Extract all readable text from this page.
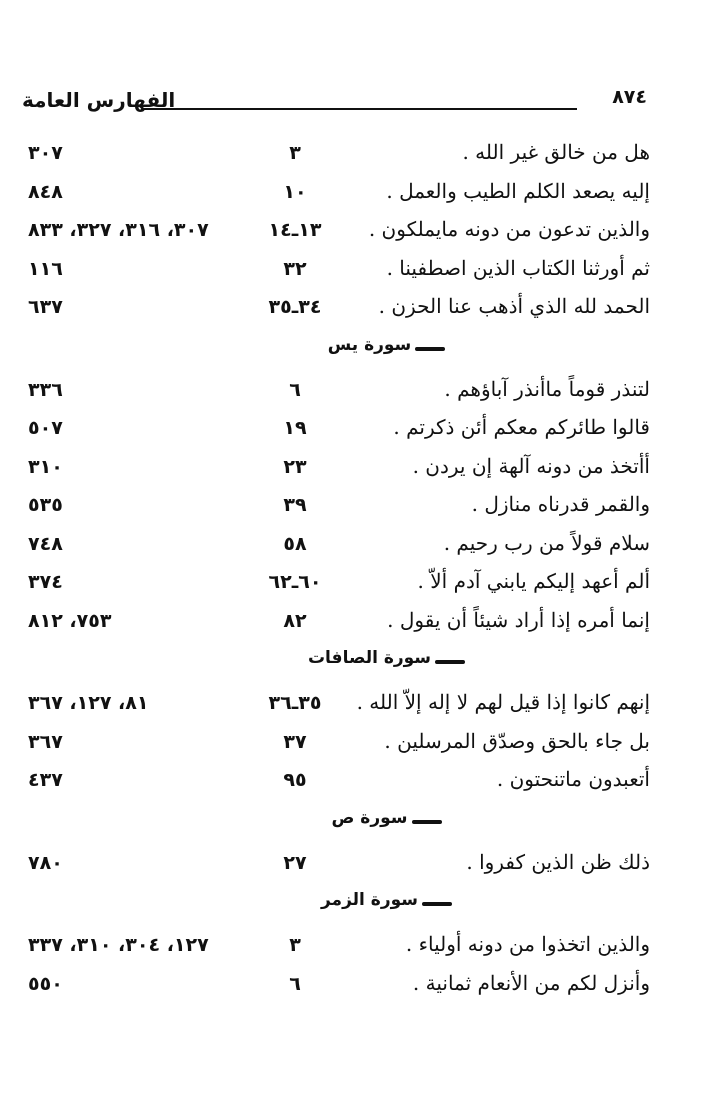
الفهارس العامة	٨٧٤
هل من خالق غير الله .
٣
٣٠٧
إليه يصعد الكلم الطيب والعمل .
١٠
٨٤٨
والذين تدعون من دونه مايملكون .
١٣ـ١٤
٣٠٧، ٣١٦، ٣٢٧، ٨٣٣
ثم أورثنا الكتاب الذين اصطفينا .
٣٢
١١٦
الحمد لله الذي أذهب عنا الحزن .
٣٤ـ٣٥
٦٣٧
سورة يس
لتنذر قوماً ماأنذر آباؤهم .
٦
٣٣٦
قالوا طائركم معكم أئن ذكرتم .
١٩
٥٠٧
أأتخذ من دونه آلهة إن يردن .
٢٣
٣١٠
والقمر قدرناه منازل .
٣٩
٥٣٥
سلام قولاً من رب رحيم .
٥٨
٧٤٨
ألم أعهد إليكم يابني آدم ألاّ .
٦٠ـ٦٢
٣٧٤
إنما أمره إذا أراد شيئاً أن يقول .
٨٢
٧٥٣، ٨١٢
سورة الصافات
إنهم كانوا إذا قيل لهم لا إله إلاّ الله .
٣٥ـ٣٦
٨١، ١٢٧، ٣٦٧
بل جاء بالحق وصدّق المرسلين .
٣٧
٣٦٧
أتعبدون ماتنحتون .
٩٥
٤٣٧
سورة ص
ذلك ظن الذين كفروا .
٢٧
٧٨٠
سورة الزمر
والذين اتخذوا من دونه أولياء .
٣
١٢٧، ٣٠٤، ٣١٠، ٣٣٧
وأنزل لكم من الأنعام ثمانية .
٦
٥٥٠
